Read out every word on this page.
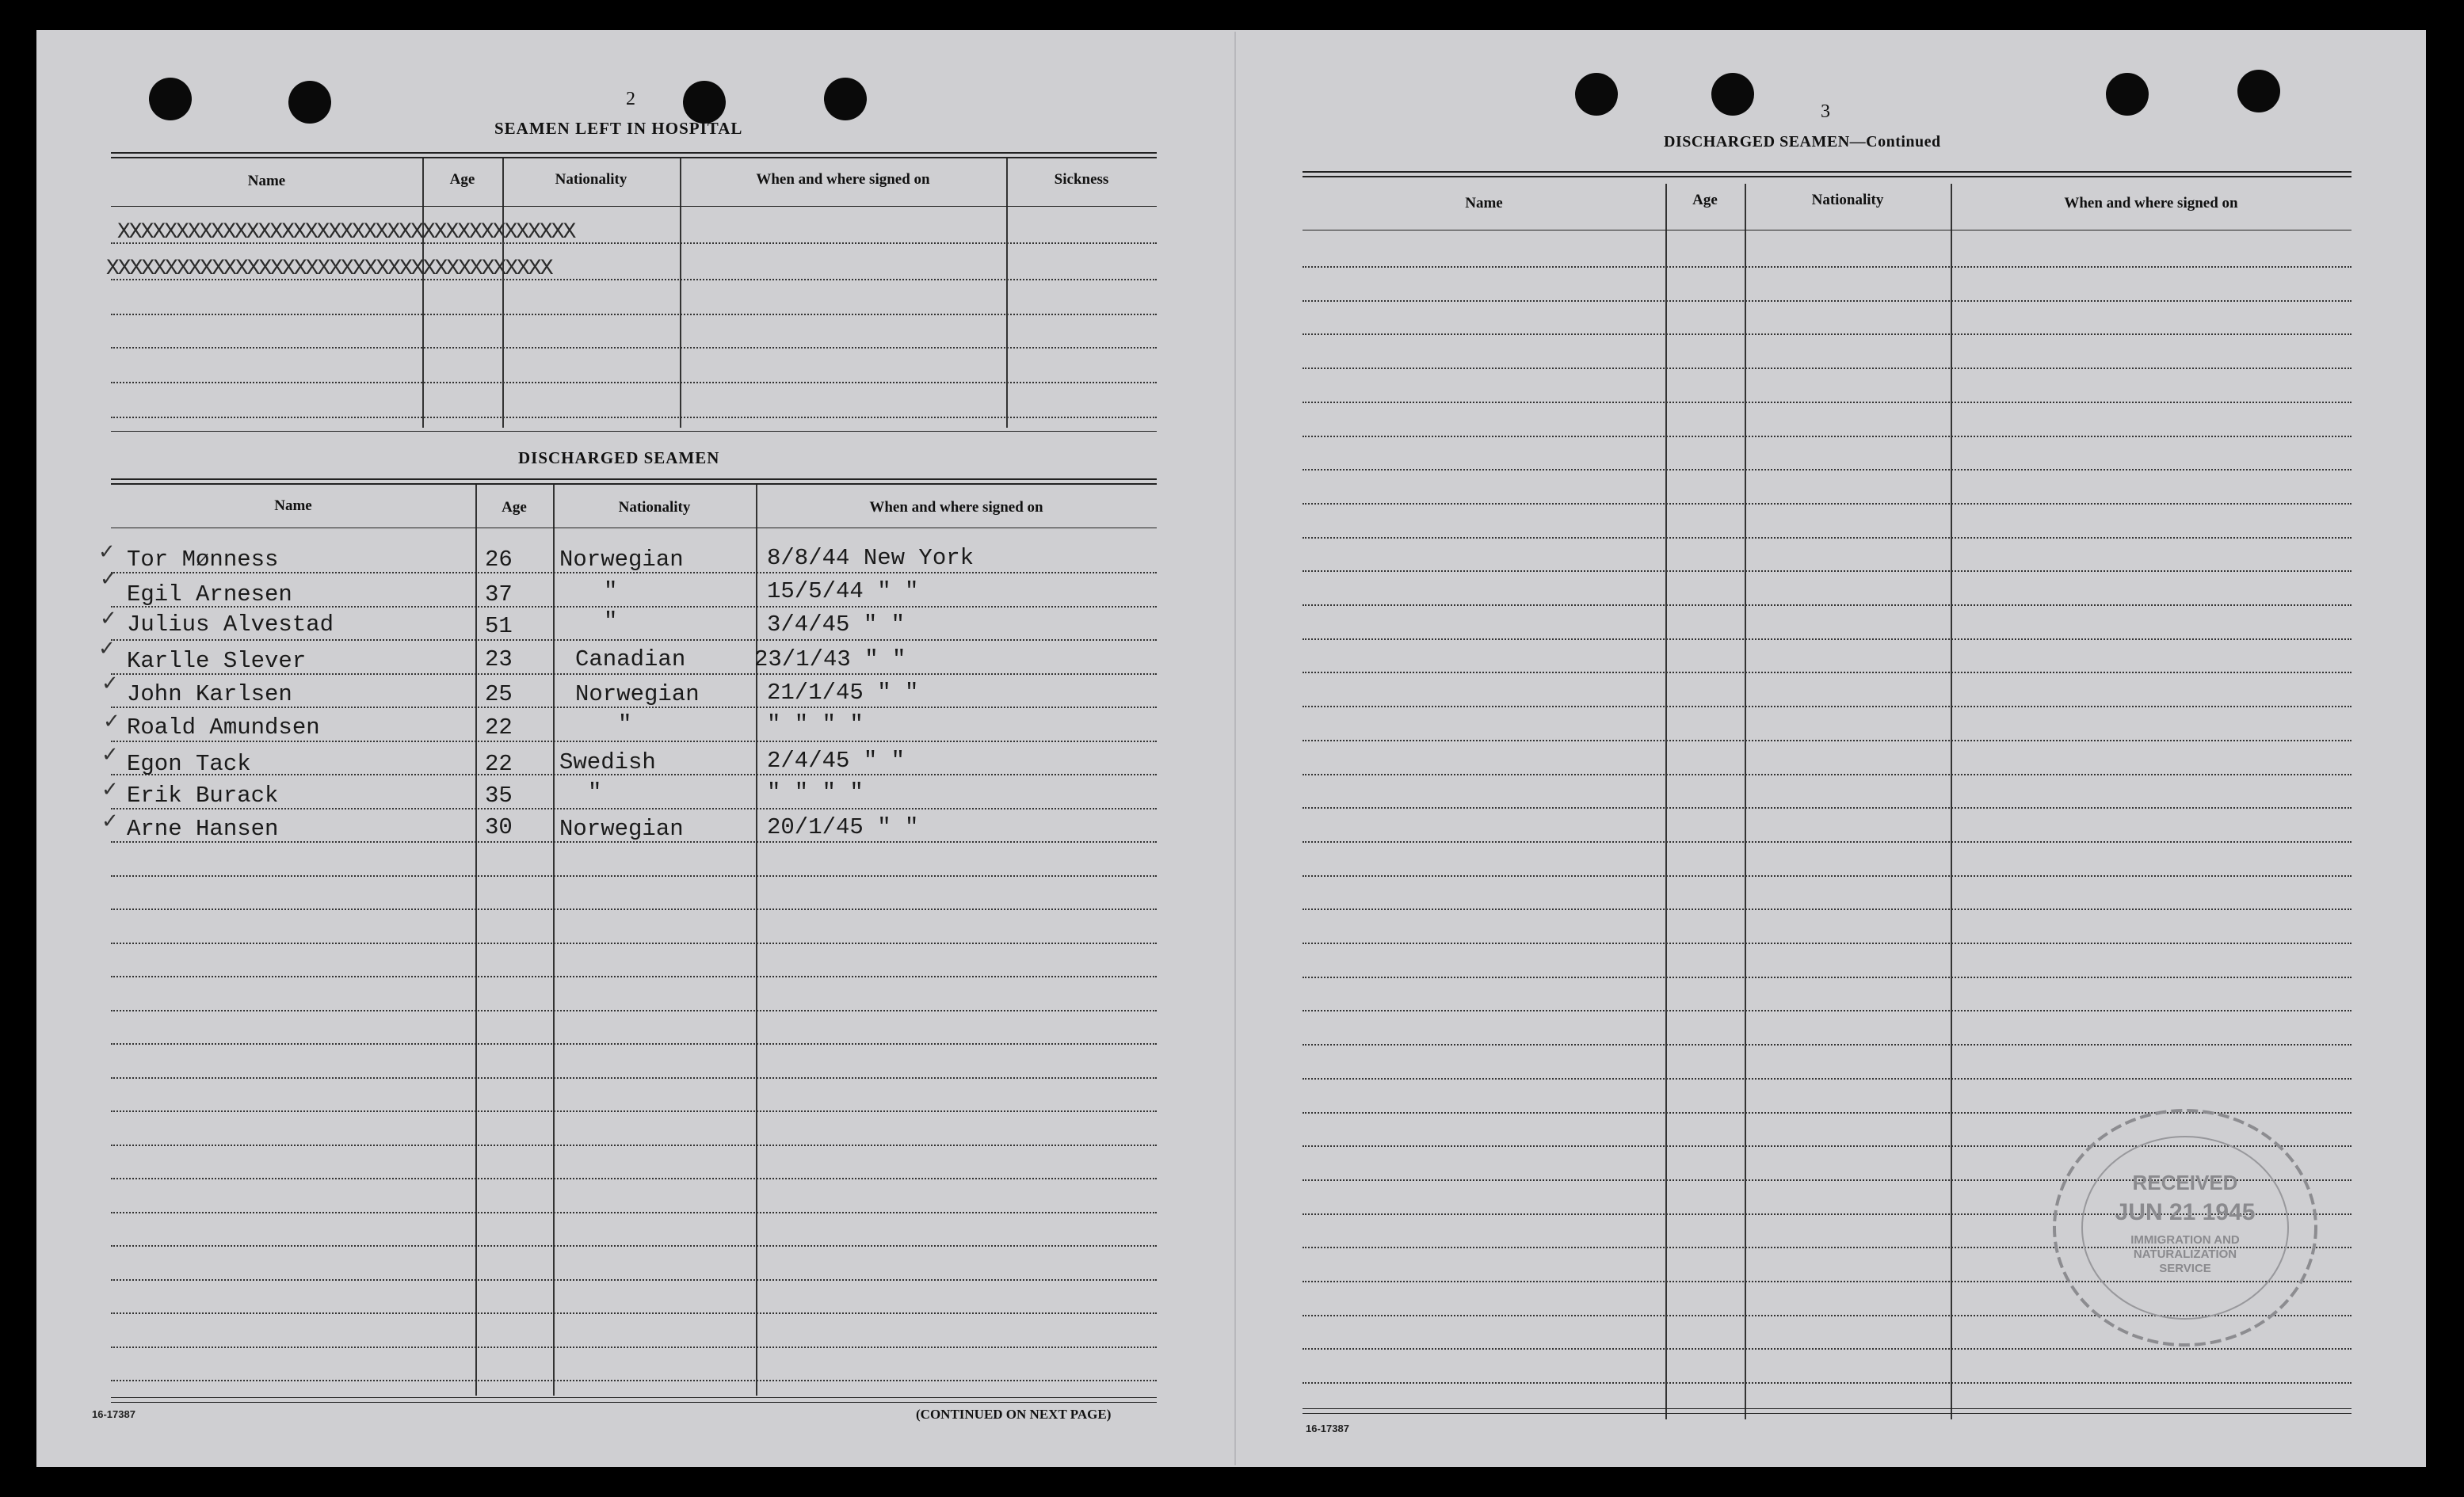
2
SEAMEN LEFT IN HOSPITAL
Name	Age	Nationality	When and where signed on	Sickness
XXXXXXXXXXXXXXXXXXXXXXXXXXXXXXXXXXXXXXX
XXXXXXXXXXXXXXXXXXXXXXXXXXXXXXXXXXXXXX
DISCHARGED SEAMEN
Name	Age	Nationality	When and where signed on
✓ Tor Mønness	26 Norwegian	8/8/44 New York
✓
Egil Arnesen	37	"	15/5/44 " "
✓ Julius Alvestad	51	"	3/4/45 " "
✓ Karlle Slever	23	Canadian	23/1/43 " "
✓ John Karlsen	25	Norwegian	21/1/45 " "
✓ Roald Amundsen	22	"	" " " "
✓ Egon Tack	22 Swedish	2/4/45 " "
✓ Erik Burack	35	"	" " " "
✓ Arne Hansen	30 Norwegian	20/1/45 " "
16-17387	(CONTINUED ON NEXT PAGE)
3
DISCHARGED SEAMEN—Continued
Name	Age	Nationality	When and where signed on
16-17387
RECEIVED
JUN 21 1945
IMMIGRATION AND
NATURALIZATION
SERVICE
